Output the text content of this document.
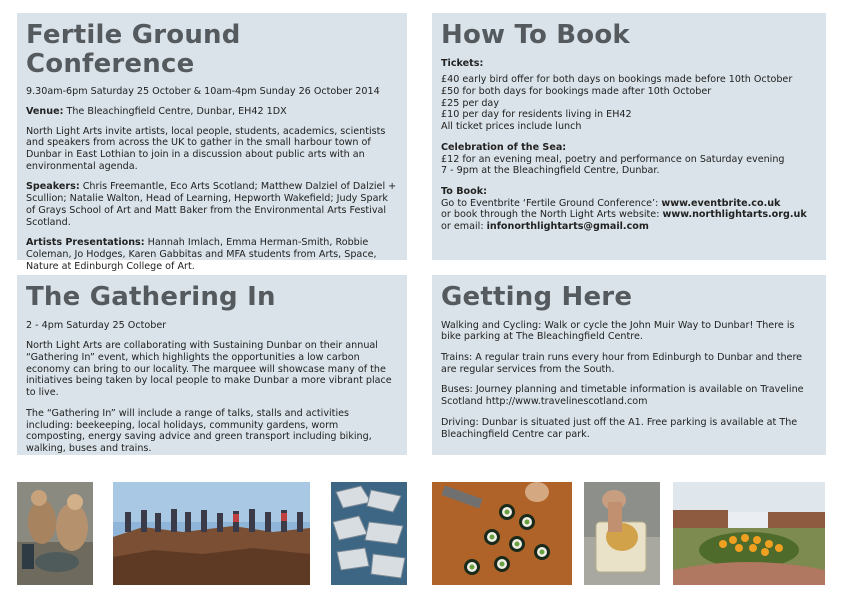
Fertile Ground Conference

9.30am-6pm Saturday 25 October & 10am-4pm Sunday 26 October 2014

Venue: The Bleachingfield Centre, Dunbar, EH42 1DX

North Light Arts invite artists, local people, students, academics, scientists and speakers from across the UK to gather in the small harbour town of Dunbar in East Lothian to join in a discussion about public arts with an environmental agenda.

Speakers: Chris Freemantle, Eco Arts Scotland; Matthew Dalziel of Dalziel + Scullion; Natalie Walton, Head of Learning, Hepworth Wakefield; Judy Spark of Grays School of Art and Matt Baker from the Environmental Arts Festival Scotland.

Artists Presentations: Hannah Imlach, Emma Herman-Smith, Robbie Coleman, Jo Hodges, Karen Gabbitas and MFA students from Arts, Space, Nature at Edinburgh College of Art.

How To Book

Tickets:
£40 early bird offer for both days on bookings made before 10th October
£50 for both days for bookings made after 10th October
£25 per day
£10 per day for residents living in EH42
All ticket prices include lunch

Celebration of the Sea:
£12 for an evening meal, poetry and performance on Saturday evening
7 - 9pm at the Bleachingfield Centre, Dunbar.

To Book:
Go to Eventbrite ‘Fertile Ground Conference’: www.eventbrite.co.uk
or book through the North Light Arts website: www.northlightarts.org.uk
or email: infonorthlightarts@gmail.com

The Gathering In

2 - 4pm Saturday 25 October

North Light Arts are collaborating with Sustaining Dunbar on their annual “Gathering In” event, which highlights the opportunities a low carbon economy can bring to our locality. The marquee will showcase many of the initiatives being taken by local people to make Dunbar a more vibrant place to live.

The “Gathering In” will include a range of talks, stalls and activities including: beekeeping, local holidays, community gardens, worm composting, energy saving advice and green transport including biking, walking, buses and trains.

Getting Here

Walking and Cycling: Walk or cycle the John Muir Way to Dunbar! There is bike parking at The Bleachingfield Centre.

Trains: A regular train runs every hour from Edinburgh to Dunbar and there are regular services from the South.

Buses: Journey planning and timetable information is available on Traveline Scotland http://www.travelinescotland.com

Driving: Dunbar is situated just off the A1. Free parking is available at The Bleachingfield Centre car park.
